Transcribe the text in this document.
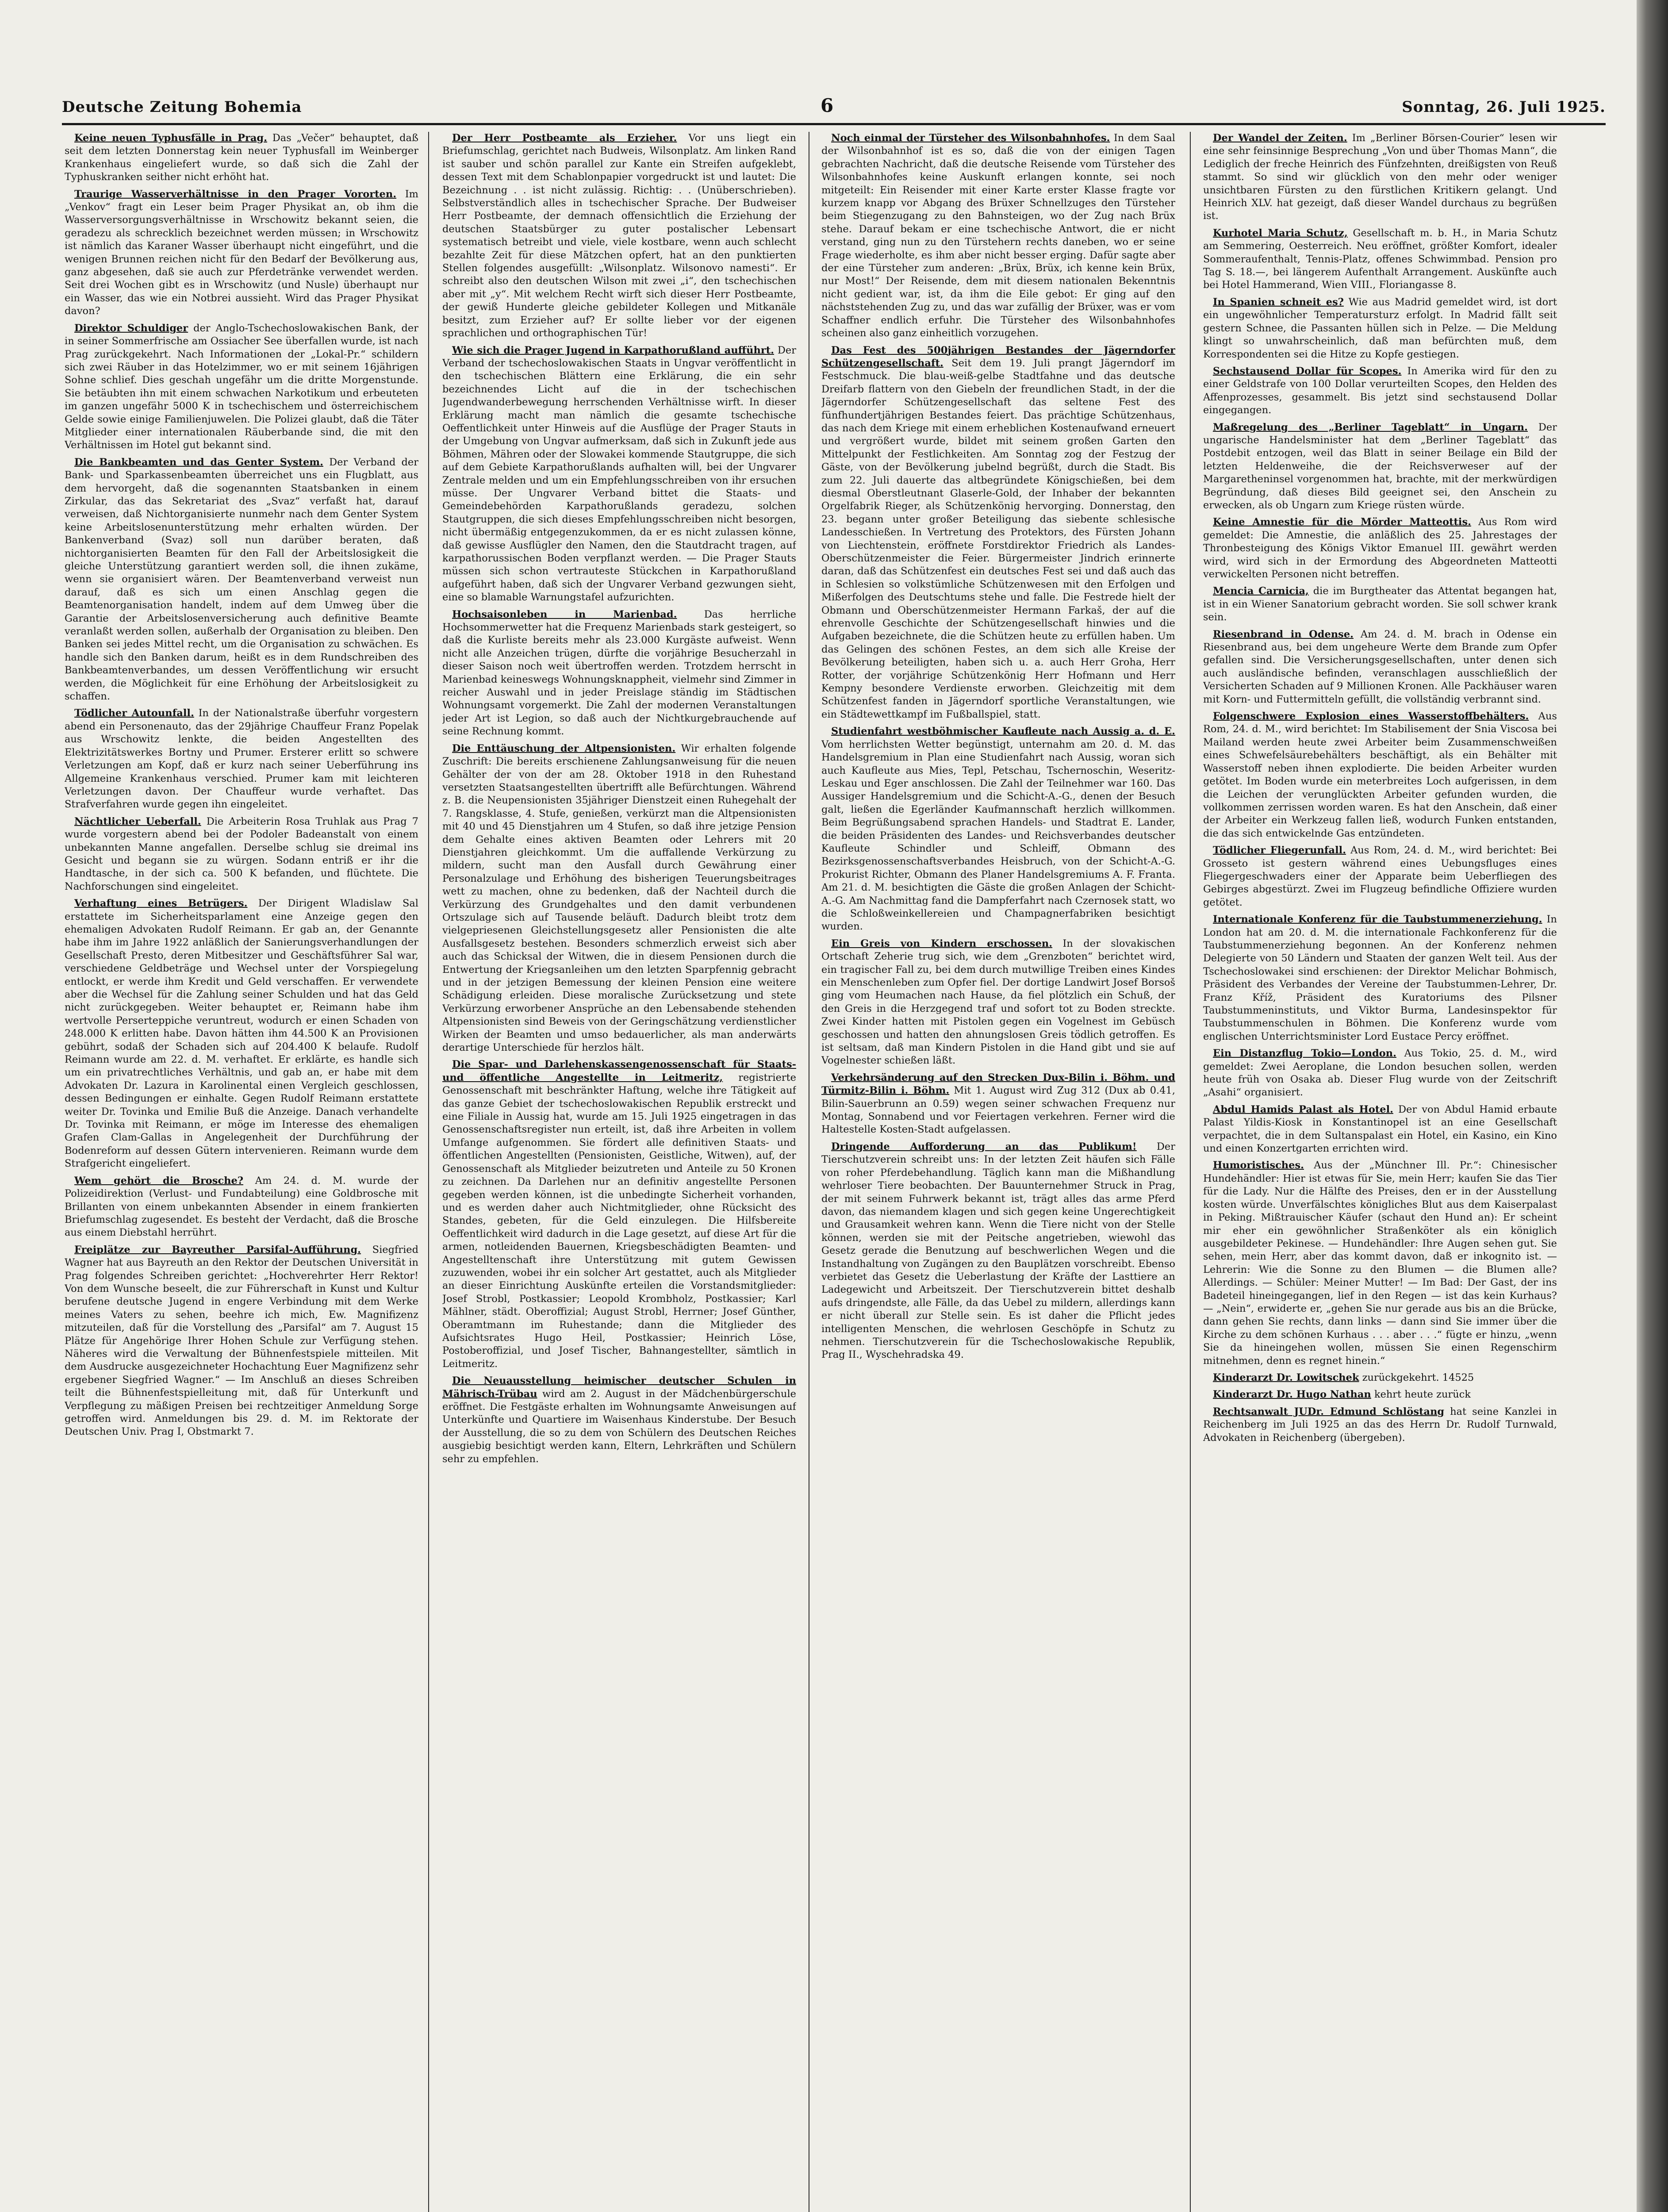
Deutsche Zeitung Bohemia	6	Sonntag, 26. Juli 1925.

Keine neuen Typhusfälle in Prag. Das „Večer“ behauptet, daß seit dem letzten Donnerstag kein neuer Typhusfall im Weinberger Krankenhaus eingeliefert wurde, so daß sich die Zahl der Typhuskranken seither nicht erhöht hat.

Traurige Wasserverhältnisse in den Prager Vororten. Im „Venkov“ fragt ein Leser beim Prager Physikat an, ob ihm die Wasserversorgungsverhältnisse in Wrschowitz bekannt seien, die geradezu als schrecklich bezeichnet werden müssen; in Wrschowitz ist nämlich das Karaner Wasser überhaupt nicht eingeführt, und die wenigen Brunnen reichen nicht für den Bedarf der Bevölkerung aus, ganz abgesehen, daß sie auch zur Pferdetränke verwendet werden. Seit drei Wochen gibt es in Wrschowitz (und Nusle) überhaupt nur ein Wasser, das wie ein Notbrei aussieht. Wird das Prager Physikat davon?

Direktor Schuldiger der Anglo-Tschechoslowakischen Bank, der in seiner Sommerfrische am Ossiacher See überfallen wurde, ist nach Prag zurückgekehrt. Nach Informationen der „Lokal-Pr.“ schildern sich zwei Räuber in das Hotelzimmer, wo er mit seinem 16jährigen Sohne schlief. Dies geschah ungefähr um die dritte Morgenstunde. Sie betäubten ihn mit einem schwachen Narkotikum und erbeuteten im ganzen ungefähr 5000 K in tschechischem und österreichischem Gelde sowie einige Familienjuwelen. Die Polizei glaubt, daß die Täter Mitglieder einer internationalen Räuberbande sind, die mit den Verhältnissen im Hotel gut bekannt sind.

Die Bankbeamten und das Genter System. Der Verband der Bank- und Sparkassenbeamten überreichet uns ein Flugblatt, aus dem hervorgeht, daß die sogenannten Staatsbanken in einem Zirkular, das das Sekretariat des „Svaz“ verfaßt hat, darauf verweisen, daß Nichtorganisierte nunmehr nach dem Genter System keine Arbeitslosenunterstützung mehr erhalten würden. Der Bankenverband (Svaz) soll nun darüber beraten, daß nichtorganisierten Beamten für den Fall der Arbeitslosigkeit die gleiche Unterstützung garantiert werden soll, die ihnen zukäme, wenn sie organisiert wären. Der Beamtenverband verweist nun darauf, daß es sich um einen Anschlag gegen die Beamtenorganisation handelt, indem auf dem Umweg über die Garantie der Arbeitslosenversicherung auch definitive Beamte veranlaßt werden sollen, außerhalb der Organisation zu bleiben. Den Banken sei jedes Mittel recht, um die Organisation zu schwächen. Es handle sich den Banken darum, heißt es in dem Rundschreiben des Bankbeamtenverbandes, um dessen Veröffentlichung wir ersucht werden, die Möglichkeit für eine Erhöhung der Arbeitslosigkeit zu schaffen.

Tödlicher Autounfall. In der Nationalstraße überfuhr vorgestern abend ein Personenauto, das der 29jährige Chauffeur Franz Popelak aus Wrschowitz lenkte, die beiden Angestellten des Elektrizitätswerkes Bortny und Prumer. Ersterer erlitt so schwere Verletzungen am Kopf, daß er kurz nach seiner Ueberführung ins Allgemeine Krankenhaus verschied. Prumer kam mit leichteren Verletzungen davon. Der Chauffeur wurde verhaftet. Das Strafverfahren wurde gegen ihn eingeleitet.

Nächtlicher Ueberfall. Die Arbeiterin Rosa Truhlak aus Prag 7 wurde vorgestern abend bei der Podoler Badeanstalt von einem unbekannten Manne angefallen. Derselbe schlug sie dreimal ins Gesicht und begann sie zu würgen. Sodann entriß er ihr die Handtasche, in der sich ca. 500 K befanden, und flüchtete. Die Nachforschungen sind eingeleitet.

Verhaftung eines Betrügers. Der Dirigent Wladislaw Sal erstattete im Sicherheitsparlament eine Anzeige gegen den ehemaligen Advokaten Rudolf Reimann. Er gab an, der Genannte habe ihm im Jahre 1922 anläßlich der Sanierungsverhandlungen der Gesellschaft Presto, deren Mitbesitzer und Geschäftsführer Sal war, verschiedene Geldbeträge und Wechsel unter der Vorspiegelung entlockt, er werde ihm Kredit und Geld verschaffen. Er verwendete aber die Wechsel für die Zahlung seiner Schulden und hat das Geld nicht zurückgegeben. Weiter behauptet er, Reimann habe ihm wertvolle Perserteppiche veruntreut, wodurch er einen Schaden von 248.000 K erlitten habe. Davon hätten ihm 44.500 K an Provisionen gebührt, sodaß der Schaden sich auf 204.400 K belaufe. Rudolf Reimann wurde am 22. d. M. verhaftet. Er erklärte, es handle sich um ein privatrechtliches Verhältnis, und gab an, er habe mit dem Advokaten Dr. Lazura in Karolinental einen Vergleich geschlossen, dessen Bedingungen er einhalte. Gegen Rudolf Reimann erstattete weiter Dr. Tovinka und Emilie Buß die Anzeige. Danach verhandelte Dr. Tovinka mit Reimann, er möge im Interesse des ehemaligen Grafen Clam-Gallas in Angelegenheit der Durchführung der Bodenreform auf dessen Gütern intervenieren. Reimann wurde dem Strafgericht eingeliefert.

Wem gehört die Brosche? Am 24. d. M. wurde der Polizeidirektion (Verlust- und Fundabteilung) eine Goldbrosche mit Brillanten von einem unbekannten Absender in einem frankierten Briefumschlag zugesendet. Es besteht der Verdacht, daß die Brosche aus einem Diebstahl herrührt.

Freiplätze zur Bayreuther Parsifal-Aufführung. Siegfried Wagner hat aus Bayreuth an den Rektor der Deutschen Universität in Prag folgendes Schreiben gerichtet: „Hochverehrter Herr Rektor! Von dem Wunsche beseelt, die zur Führerschaft in Kunst und Kultur berufene deutsche Jugend in engere Verbindung mit dem Werke meines Vaters zu sehen, beehre ich mich, Ew. Magnifizenz mitzuteilen, daß für die Vorstellung des „Parsifal“ am 7. August 15 Plätze für Angehörige Ihrer Hohen Schule zur Verfügung stehen. Näheres wird die Verwaltung der Bühnenfestspiele mitteilen. Mit dem Ausdrucke ausgezeichneter Hochachtung Euer Magnifizenz sehr ergebener Siegfried Wagner.“ — Im Anschluß an dieses Schreiben teilt die Bühnenfestspielleitung mit, daß für Unterkunft und Verpflegung zu mäßigen Preisen bei rechtzeitiger Anmeldung Sorge getroffen wird. Anmeldungen bis 29. d. M. im Rektorate der Deutschen Univ. Prag I, Obstmarkt 7.

Der Herr Postbeamte als Erzieher. Vor uns liegt ein Briefumschlag, gerichtet nach Budweis, Wilsonplatz. Am linken Rand ist sauber und schön parallel zur Kante ein Streifen aufgeklebt, dessen Text mit dem Schablonpapier vorgedruckt ist und lautet: Die Bezeichnung . . ist nicht zulässig. Richtig: . . (Unüberschrieben). Selbstverständlich alles in tschechischer Sprache. Der Budweiser Herr Postbeamte, der demnach offensichtlich die Erziehung der deutschen Staatsbürger zu guter postalischer Lebensart systematisch betreibt und viele, viele kostbare, wenn auch schlecht bezahlte Zeit für diese Mätzchen opfert, hat an den punktierten Stellen folgendes ausgefüllt: „Wilsonplatz. Wilsonovo namesti“. Er schreibt also den deutschen Wilson mit zwei „i“, den tschechischen aber mit „y“. Mit welchem Recht wirft sich dieser Herr Postbeamte, der gewiß Hunderte gleiche gebildeter Kollegen und Mitkanäle besitzt, zum Erzieher auf? Er sollte lieber vor der eigenen sprachlichen und orthographischen Tür!

Wie sich die Prager Jugend in Karpathorußland aufführt. Der Verband der tschechoslowakischen Staats in Ungvar veröffentlicht in den tschechischen Blättern eine Erklärung, die ein sehr bezeichnendes Licht auf die in der tschechischen Jugendwanderbewegung herrschenden Verhältnisse wirft. In dieser Erklärung macht man nämlich die gesamte tschechische Oeffentlichkeit unter Hinweis auf die Ausflüge der Prager Stauts in der Umgebung von Ungvar aufmerksam, daß sich in Zukunft jede aus Böhmen, Mähren oder der Slowakei kommende Stautgruppe, die sich auf dem Gebiete Karpathorußlands aufhalten will, bei der Ungvarer Zentrale melden und um ein Empfehlungsschreiben von ihr ersuchen müsse. Der Ungvarer Verband bittet die Staats- und Gemeindebehörden Karpathorußlands geradezu, solchen Stautgruppen, die sich dieses Empfehlungsschreiben nicht besorgen, nicht übermäßig entgegenzukommen, da er es nicht zulassen könne, daß gewisse Ausflügler den Namen, den die Stautdracht tragen, auf karpathorussischen Boden verpflanzt werden. — Die Prager Stauts müssen sich schon vertrauteste Stückchen in Karpathorußland aufgeführt haben, daß sich der Ungvarer Verband gezwungen sieht, eine so blamable Warnungstafel aufzurichten.

Hochsaisonleben in Marienbad.	Das herrliche Hochsommerwetter hat die Frequenz Marienbads stark gesteigert, so daß die Kurliste bereits mehr als 23.000 Kurgäste aufweist. Wenn nicht alle Anzeichen trügen, dürfte die vorjährige Besucherzahl in dieser Saison noch weit übertroffen werden. Trotzdem herrscht in Marienbad keineswegs Wohnungsknappheit, vielmehr sind Zimmer in reicher Auswahl und in jeder Preislage ständig im Städtischen Wohnungsamt vorgemerkt. Die Zahl der modernen Veranstaltungen jeder Art ist Legion, so daß auch der Nichtkurgebrauchende auf seine Rechnung kommt.

Die Enttäuschung der Altpensionisten. Wir erhalten folgende Zuschrift: Die bereits erschienene Zahlungsanweisung für die neuen Gehälter der von der am 28. Oktober 1918 in den Ruhestand versetzten Staatsangestellten übertrifft alle Befürchtungen. Während z. B. die Neupensionisten 35jähriger Dienstzeit einen Ruhegehalt der 7. Rangsklasse, 4. Stufe, genießen, verkürzt man die Altpensionisten mit 40 und 45 Dienstjahren um 4 Stufen, so daß ihre jetzige Pension dem Gehalte eines aktiven Beamten oder Lehrers mit 20 Dienstjahren gleichkommt. Um die auffallende Verkürzung zu mildern, sucht man den Ausfall durch Gewährung einer Personalzulage und Erhöhung des bisherigen Teuerungsbeitrages wett zu machen, ohne zu bedenken, daß der Nachteil durch die Verkürzung des Grundgehaltes und den damit verbundenen Ortszulage sich auf Tausende beläuft. Dadurch bleibt trotz dem vielgepriesenen Gleichstellungsgesetz aller Pensionisten die alte Ausfallsgesetz bestehen. Besonders schmerzlich erweist sich aber auch das Schicksal der Witwen, die in diesem Pensionen durch die Entwertung der Kriegsanleihen um den letzten Sparpfennig gebracht und in der jetzigen Bemessung der kleinen Pension eine weitere Schädigung erleiden. Diese moralische Zurücksetzung und stete Verkürzung erworbener Ansprüche an den Lebensabende stehenden Altpensionisten sind Beweis von der Geringschätzung verdienstlicher Wirken der Beamten und umso bedauerlicher, als man anderwärts derartige Unterschiede für herzlos hält.

Die Spar- und Darlehenskassengenossenschaft für Staats- und öffentliche Angestellte in Leitmeritz, registrierte Genossenschaft mit beschränkter Haftung, welche ihre Tätigkeit auf das ganze Gebiet der tschechoslowakischen Republik erstreckt und eine Filiale in Aussig hat, wurde am 15. Juli 1925 eingetragen in das Genossenschaftsregister nun erteilt, ist, daß ihre Arbeiten in vollem Umfange aufgenommen. Sie fördert alle definitiven Staats- und öffentlichen Angestellten (Pensionisten, Geistliche, Witwen), auf, der Genossenschaft als Mitglieder beizutreten und Anteile zu 50 Kronen zu zeichnen. Da Darlehen nur an definitiv angestellte Personen gegeben werden können, ist die unbedingte Sicherheit vorhanden, und es werden daher auch Nichtmitglieder, ohne Rücksicht des Standes, gebeten, für die Geld einzulegen. Die Hilfsbereite Oeffentlichkeit wird dadurch in die Lage gesetzt, auf diese Art für die armen, notleidenden Bauernen, Kriegsbeschädigten Beamten- und Angestelltenschaft ihre Unterstützung mit gutem Gewissen zuzuwenden, wobei ihr ein solcher Art gestattet, auch als Mitglieder an dieser Einrichtung Auskünfte erteilen die Vorstandsmitglieder: Josef Strobl, Postkassier; Leopold Krombholz, Postkassier; Karl Mählner, städt. Oberoffizial; August Strobl, Herrner; Josef Günther, Oberamtmann im Ruhestande; dann die Mitglieder des Aufsichtsrates Hugo Heil, Postkassier; Heinrich Löse, Postoberoffizial, und Josef Tischer, Bahnangestellter, sämtlich in Leitmeritz.

Die Neuausstellung heimischer deutscher Schulen in Mährisch-Trübau wird am 2. August in der Mädchenbürgerschule eröffnet. Die Festgäste erhalten im Wohnungsamte Anweisungen auf Unterkünfte und Quartiere im Waisenhaus Kinderstube. Der Besuch der Ausstellung, die so zu dem von Schülern des Deutschen Reiches ausgiebig besichtigt werden kann, Eltern, Lehrkräften und Schülern sehr zu empfehlen.

Noch einmal der Türsteher des Wilsonbahnhofes. In dem Saal der Wilsonbahnhof ist es so, daß die von der einigen Tagen gebrachten Nachricht, daß die deutsche Reisende vom Türsteher des Wilsonbahnhofes keine Auskunft erlangen konnte, sei noch mitgeteilt: Ein Reisender mit einer Karte erster Klasse fragte vor kurzem knapp vor Abgang des Brüxer Schnellzuges den Türsteher beim Stiegenzugang zu den Bahnsteigen, wo der Zug nach Brüx stehe. Darauf bekam er eine tschechische Antwort, die er nicht verstand, ging nun zu den Türstehern rechts daneben, wo er seine Frage wiederholte, es ihm aber nicht besser erging. Dafür sagte aber der eine Türsteher zum anderen: „Brüx, Brüx, ich kenne kein Brüx, nur Most!“ Der Reisende, dem mit diesem nationalen Bekenntnis nicht gedient war, ist, da ihm die Eile gebot: Er ging auf den nächststehenden Zug zu, und das war zufällig der Brüxer, was er vom Schaffner endlich erfuhr. Die Türsteher des Wilsonbahnhofes scheinen also ganz einheitlich vorzugehen.

Das Fest des 500jährigen Bestandes der Jägerndorfer Schützengesellschaft. Seit dem 19. Juli prangt Jägerndorf im Festschmuck. Die blau-weiß-gelbe Stadtfahne und das deutsche Dreifarb flattern von den Giebeln der freundlichen Stadt, in der die Jägerndorfer Schützengesellschaft das seltene Fest des fünfhundertjährigen Bestandes feiert. Das prächtige Schützenhaus, das nach dem Kriege mit einem erheblichen Kostenaufwand erneuert und vergrößert wurde, bildet mit seinem großen Garten den Mittelpunkt der Festlichkeiten. Am Sonntag zog der Festzug der Gäste, von der Bevölkerung jubelnd begrüßt, durch die Stadt. Bis zum 22. Juli dauerte das altbegründete Königschießen, bei dem diesmal Oberstleutnant Glaserle-Gold, der Inhaber der bekannten Orgelfabrik Rieger, als Schützenkönig hervorging. Donnerstag, den 23. begann unter großer Beteiligung das siebente schlesische Landesschießen. In Vertretung des Protektors, des Fürsten Johann von Liechtenstein, eröffnete Forstdirektor Friedrich als Landes-Oberschützenmeister die Feier. Bürgermeister Jindrich erinnerte daran, daß das Schützenfest ein deutsches Fest sei und daß auch das in Schlesien so volkstümliche Schützenwesen mit den Erfolgen und Mißerfolgen des Deutschtums stehe und falle. Die Festrede hielt der Obmann und Oberschützenmeister Hermann Farkaš, der auf die ehrenvolle Geschichte der Schützengesellschaft hinwies und die Aufgaben bezeichnete, die die Schützen heute zu erfüllen haben. Um das Gelingen des schönen Festes, an dem sich alle Kreise der Bevölkerung beteiligten, haben sich u. a. auch Herr Groha, Herr Rotter, der vorjährige Schützenkönig Herr Hofmann und Herr Kempny besondere Verdienste erworben. Gleichzeitig mit dem Schützenfest fanden in Jägerndorf sportliche Veranstaltungen, wie ein Städtewettkampf im Fußballspiel, statt.

Studienfahrt westböhmischer Kaufleute nach Aussig a. d. E. Vom herrlichsten Wetter begünstigt, unternahm am 20. d. M. das Handelsgremium in Plan eine Studienfahrt nach Aussig, woran sich auch Kaufleute aus Mies, Tepl, Petschau, Tschernoschin, Weseritz-Leskau und Eger anschlossen. Die Zahl der Teilnehmer war 160. Das Aussiger Handelsgremium und die Schicht-A.-G., denen der Besuch galt, ließen die Egerländer Kaufmannschaft herzlich willkommen. Beim Begrüßungsabend sprachen Handels- und Stadtrat E. Lander, die beiden Präsidenten des Landes- und Reichsverbandes deutscher Kaufleute Schindler und Schleiff, Obmann des Bezirksgenossenschaftsverbandes Heisbruch, von der Schicht-A.-G. Prokurist Richter, Obmann des Planer Handelsgremiums A. F. Franta. Am 21. d. M. besichtigten die Gäste die großen Anlagen der Schicht-A.-G. Am Nachmittag fand die Dampferfahrt nach Czernosek statt, wo die Schloßweinkellereien und Champagnerfabriken besichtigt wurden.

Ein Greis von Kindern erschossen. In der slovakischen Ortschaft Zeherie trug sich, wie dem „Grenzboten“ berichtet wird, ein tragischer Fall zu, bei dem durch mutwillige Treiben eines Kindes ein Menschenleben zum Opfer fiel. Der dortige Landwirt Josef Borsoš ging vom Heumachen nach Hause, da fiel plötzlich ein Schuß, der den Greis in die Herzgegend traf und sofort tot zu Boden streckte. Zwei Kinder hatten mit Pistolen gegen ein Vogelnest im Gebüsch geschossen und hatten den ahnungslosen Greis tödlich getroffen. Es ist seltsam, daß man Kindern Pistolen in die Hand gibt und sie auf Vogelnester schießen läßt.

Verkehrsänderung auf den Strecken Dux-Bilin i. Böhm. und Türmitz-Bilin i. Böhm. Mit 1. August wird Zug 312 (Dux ab 0.41, Bilin-Sauerbrunn an 0.59) wegen seiner schwachen Frequenz nur Montag, Sonnabend und vor Feiertagen verkehren. Ferner wird die Haltestelle Kosten-Stadt aufgelassen.

Dringende Aufforderung an das Publikum! Der Tierschutzverein schreibt uns: In der letzten Zeit häufen sich Fälle von roher Pferdebehandlung. Täglich kann man die Mißhandlung wehrloser Tiere beobachten. Der Bauunternehmer Struck in Prag, der mit seinem Fuhrwerk bekannt ist, trägt alles das arme Pferd davon, das niemandem klagen und sich gegen keine Ungerechtigkeit und Grausamkeit wehren kann. Wenn die Tiere nicht von der Stelle können, werden sie mit der Peitsche angetrieben, wiewohl das Gesetz gerade die Benutzung auf beschwerlichen Wegen und die Instandhaltung von Zugängen zu den Bauplätzen vorschreibt. Ebenso verbietet das Gesetz die Ueberlastung der Kräfte der Lasttiere an Ladegewicht und Arbeitszeit. Der Tierschutzverein bittet deshalb aufs dringendste, alle Fälle, da das Uebel zu mildern, allerdings kann er nicht überall zur Stelle sein. Es ist daher die Pflicht jedes intelligenten Menschen, die wehrlosen Geschöpfe in Schutz zu nehmen. Tierschutzverein für die Tschechoslowakische Republik, Prag II., Wyschehradska 49.

Der Wandel der Zeiten. Im „Berliner Börsen-Courier“ lesen wir eine sehr feinsinnige Besprechung „Von und über Thomas Mann“, die Lediglich der freche Heinrich des Fünfzehnten, dreißigsten von Reuß stammt. So sind wir glücklich von den mehr oder weniger unsichtbaren Fürsten zu den fürstlichen Kritikern gelangt. Und Heinrich XLV. hat gezeigt, daß dieser Wandel durchaus zu begrüßen ist.

Kurhotel Maria Schutz, Gesellschaft m. b. H., in Maria Schutz am Semmering, Oesterreich. Neu eröffnet, größter Komfort, idealer Sommeraufenthalt, Tennis-Platz, offenes Schwimmbad. Pension pro Tag S. 18.—, bei längerem Aufenthalt Arrangement. Auskünfte auch bei Hotel Hammerand, Wien VIII., Floriangasse 8.

In Spanien schneit es? Wie aus Madrid gemeldet wird, ist dort ein ungewöhnlicher Temperatursturz erfolgt. In Madrid fällt seit gestern Schnee, die Passanten hüllen sich in Pelze. — Die Meldung klingt so unwahrscheinlich, daß man befürchten muß, dem Korrespondenten sei die Hitze zu Kopfe gestiegen.

Sechstausend Dollar für Scopes. In Amerika wird für den zu einer Geldstrafe von 100 Dollar verurteilten Scopes, den Helden des Affenprozesses, gesammelt. Bis jetzt sind sechstausend Dollar eingegangen.

Maßregelung des „Berliner Tageblatt“ in Ungarn. Der ungarische Handelsminister hat dem „Berliner Tageblatt“ das Postdebit entzogen, weil das Blatt in seiner Beilage ein Bild der letzten Heldenweihe, die der Reichsverweser auf der Margaretheninsel vorgenommen hat, brachte, mit der merkwürdigen Begründung, daß dieses Bild geeignet sei, den Anschein zu erwecken, als ob Ungarn zum Kriege rüsten würde.

Keine Amnestie für die Mörder Matteottis. Aus Rom wird gemeldet: Die Amnestie, die anläßlich des 25. Jahrestages der Thronbesteigung des Königs Viktor Emanuel III. gewährt werden wird, wird sich in der Ermordung des Abgeordneten Matteotti verwickelten Personen nicht betreffen.

Mencia Carnicia, die im Burgtheater das Attentat begangen hat, ist in ein Wiener Sanatorium gebracht worden. Sie soll schwer krank sein.

Riesenbrand in Odense. Am 24. d. M. brach in Odense ein Riesenbrand aus, bei dem ungeheure Werte dem Brande zum Opfer gefallen sind. Die Versicherungsgesellschaften, unter denen sich auch ausländische befinden, veranschlagen ausschließlich der Versicherten Schaden auf 9 Millionen Kronen. Alle Packhäuser waren mit Korn- und Futtermitteln gefüllt, die vollständig verbrannt sind.

Folgenschwere Explosion eines Wasserstoffbehälters. Aus Rom, 24. d. M., wird berichtet: Im Stabilisement der Snia Viscosa bei Mailand werden heute zwei Arbeiter beim Zusammenschweißen eines Schwefelsäurebehälters beschäftigt, als ein Behälter mit Wasserstoff neben ihnen explodierte. Die beiden Arbeiter wurden getötet. Im Boden wurde ein meterbreites Loch aufgerissen, in dem die Leichen der verunglückten Arbeiter gefunden wurden, die vollkommen zerrissen worden waren. Es hat den Anschein, daß einer der Arbeiter ein Werkzeug fallen ließ, wodurch Funken entstanden, die das sich entwickelnde Gas entzündeten.

Tödlicher Fliegerunfall. Aus Rom, 24. d. M., wird berichtet: Bei Grosseto ist gestern während eines Uebungsfluges eines Fliegergeschwaders einer der Apparate beim Ueberfliegen des Gebirges abgestürzt. Zwei im Flugzeug befindliche Offiziere wurden getötet.

Internationale Konferenz für die Taubstummenerziehung. In London hat am 20. d. M. die internationale Fachkonferenz für die Taubstummenerziehung begonnen. An der Konferenz nehmen Delegierte von 50 Ländern und Staaten der ganzen Welt teil. Aus der Tschechoslowakei sind erschienen: der Direktor Melichar Bohmisch, Präsident des Verbandes der Vereine der Taubstummen-Lehrer, Dr. Franz Kříž, Präsident des Kuratoriums des Pilsner Taubstummeninstituts, und Viktor Burma, Landesinspektor für Taubstummenschulen in Böhmen. Die Konferenz wurde vom englischen Unterrichtsminister Lord Eustace Percy eröffnet.

Ein Distanzflug Tokio—London. Aus Tokio, 25. d. M., wird gemeldet: Zwei Aeroplane, die London besuchen sollen, werden heute früh von Osaka ab. Dieser Flug wurde von der Zeitschrift „Asahi“ organisiert.

Abdul Hamids Palast als Hotel. Der von Abdul Hamid erbaute Palast Yildis-Kiosk in Konstantinopel ist an eine Gesellschaft verpachtet, die in dem Sultanspalast ein Hotel, ein Kasino, ein Kino und einen Konzertgarten errichten wird.

Humoristisches. Aus der „Münchner Ill. Pr.“: Chinesischer Hundehändler: Hier ist etwas für Sie, mein Herr; kaufen Sie das Tier für die Lady. Nur die Hälfte des Preises, den er in der Ausstellung kosten würde. Unverfälschtes königliches Blut aus dem Kaiserpalast in Peking. Mißtrauischer Käufer (schaut den Hund an): Er scheint mir eher ein gewöhnlicher Straßenköter als ein königlich ausgebildeter Pekinese. — Hundehändler: Ihre Augen sehen gut. Sie sehen, mein Herr, aber das kommt davon, daß er inkognito ist. — Lehrerin: Wie die Sonne zu den Blumen — die Blumen alle? Allerdings. — Schüler: Meiner Mutter! — Im Bad: Der Gast, der ins Badeteil hineingegangen, lief in den Regen — ist das kein Kurhaus? — „Nein“, erwiderte er, „gehen Sie nur gerade aus bis an die Brücke, dann gehen Sie rechts, dann links — dann sind Sie immer über die Kirche zu dem schönen Kurhaus . . . aber . . .“ fügte er hinzu, „wenn Sie da hineingehen wollen, müssen Sie einen Regenschirm mitnehmen, denn es regnet hinein.“

Kinderarzt Dr. Lowitschek zurückgekehrt. 14525

Kinderarzt Dr. Hugo Nathan kehrt heute zurück

Rechtsanwalt JUDr. Edmund Schlöstang hat seine Kanzlei in Reichenberg im Juli 1925 an das des Herrn Dr. Rudolf Turnwald, Advokaten in Reichenberg (übergeben).
